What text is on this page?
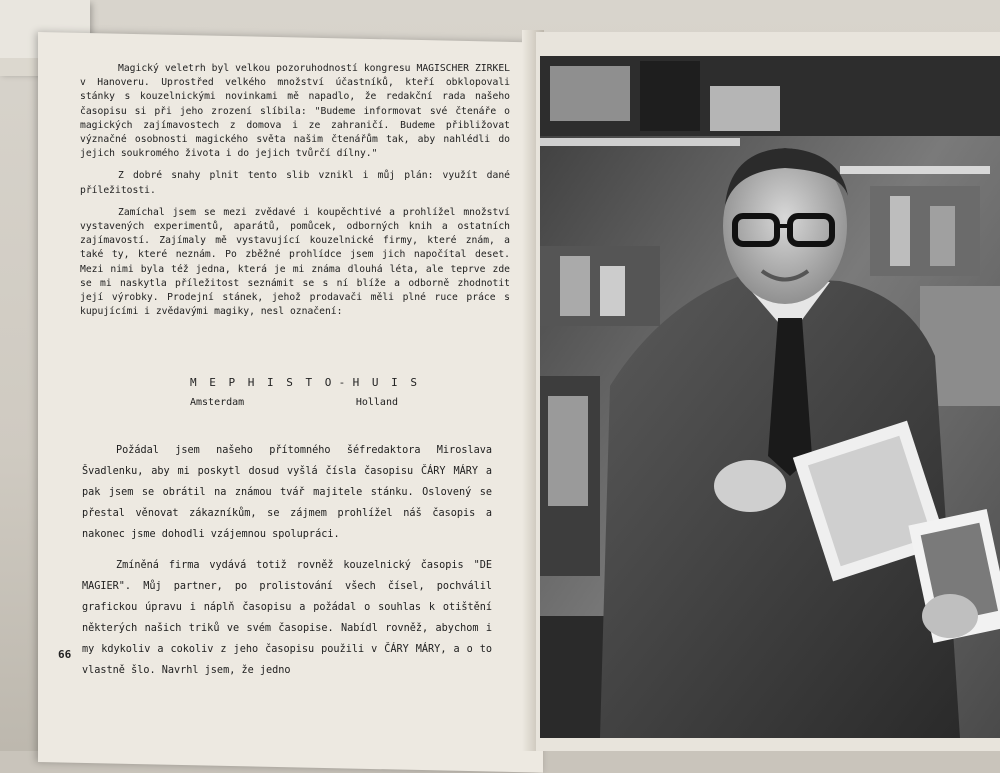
Magický veletrh byl velkou pozoruhodností kongresu MAGISCHER ZIRKEL v Hanoveru. Uprostřed velkého množství účastníků, kteří obklopovali stánky s kouzelnickými novinkami mě napadlo, že redakční rada našeho časopisu si při jeho zrození slíbila: "Budeme informovat své čtenáře o magických zajímavostech z domova i ze zahraničí. Budeme přibližovat význačné osobnosti magického světa našim čtenářům tak, aby nahlédli do jejich soukromého života i do jejich tvůrčí dílny."

Z dobré snahy plnit tento slib vznikl i můj plán: využít dané příležitosti.

Zamíchal jsem se mezi zvědavé i koupěchtivé a prohlížel množství vystavených experimentů, aparátů, pomůcek, odborných knih a ostatních zajímavostí. Zajímaly mě vystavující kouzelnické firmy, které znám, a také ty, které neznám. Po zběžné prohlídce jsem jich napočítal deset. Mezi nimi byla též jedna, která je mi známa dlouhá léta, ale teprve zde se mi naskytla příležitost seznámit se s ní blíže a odborně zhodnotit její výrobky. Prodejní stánek, jehož prodavači měli plné ruce práce s kupujícími i zvědavými magiky, nesl označení:

M E P H I S T O - H U I S
Amsterdam	Holland

Požádal jsem našeho přítomného šéfredaktora Miroslava Švadlenku, aby mi poskytl dosud vyšlá čísla časopisu ČÁRY MÁRY a pak jsem se obrátil na známou tvář majitele stánku. Oslovený se přestal věnovat zákazníkům, se zájmem prohlížel náš časopis a nakonec jsme dohodli vzájemnou spolupráci.

Zmíněná firma vydává totiž rovněž kouzelnický časopis "DE MAGIER". Můj partner, po prolistování všech čísel, pochválil grafickou úpravu i náplň časopisu a požádal o souhlas k otištění některých našich triků ve svém časopise. Nabídl rovněž, abychom i my kdykoliv a cokoliv z jeho časopisu použili v ČÁRY MÁRY, a o to vlastně šlo. Navrhl jsem, že jedno

66
